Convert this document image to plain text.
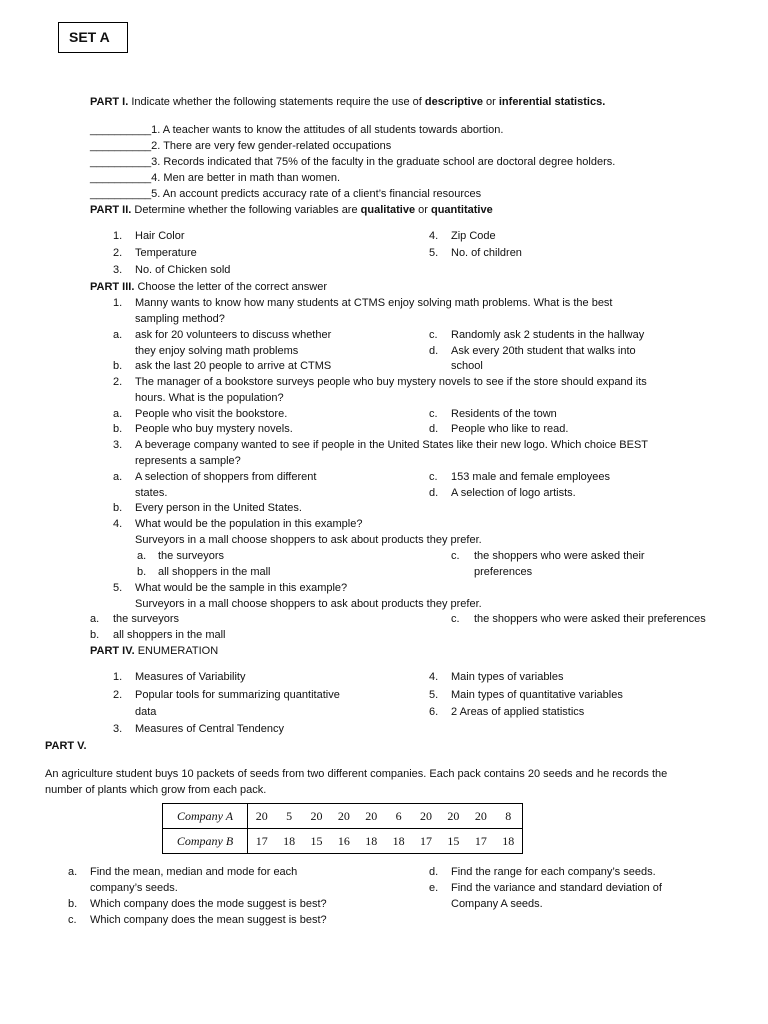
SET A
PART I. Indicate whether the following statements require the use of descriptive or inferential statistics.
__________1. A teacher wants to know the attitudes of all students towards abortion.
__________2. There are very few gender-related occupations
__________3. Records indicated that 75% of the faculty in the graduate school are doctoral degree holders.
__________4. Men are better in math than women.
__________5. An account predicts accuracy rate of a client’s financial resources
PART II. Determine whether the following variables are qualitative or quantitative
1. Hair Color
2. Temperature
3. No. of Chicken sold
4. Zip Code
5. No. of children
PART III. Choose the letter of the correct answer
1. Manny wants to know how many students at CTMS enjoy solving math problems. What is the best
sampling method?
a. ask for 20 volunteers to discuss whether
they enjoy solving math problems
b. ask the last 20 people to arrive at CTMS
c. Randomly ask 2 students in the hallway
d. Ask every 20th student that walks into
school
2. The manager of a bookstore surveys people who buy mystery novels to see if the store should expand its
hours. What is the population?
a. People who visit the bookstore.
b. People who buy mystery novels.
c. Residents of the town
d. People who like to read.
3. A beverage company wanted to see if people in the United States like their new logo. Which choice BEST
represents a sample?
a. A selection of shoppers from different
states.
b. Every person in the United States.
c. 153 male and female employees
d. A selection of logo artists.
4. What would be the population in this example?
Surveyors in a mall choose shoppers to ask about products they prefer.
a. the surveyors
b. all shoppers in the mall
c. the shoppers who were asked their
preferences
5. What would be the sample in this example?
Surveyors in a mall choose shoppers to ask about products they prefer.
a. the surveyors
b. all shoppers in the mall
c. the shoppers who were asked their preferences
PART IV. ENUMERATION
1. Measures of Variability
2. Popular tools for summarizing quantitative
data
3. Measures of Central Tendency
4. Main types of variables
5. Main types of quantitative variables
6. 2 Areas of applied statistics
PART V.
An agriculture student buys 10 packets of seeds from two different companies. Each pack contains 20 seeds and he records the
number of plants which grow from each pack.
Company A	20	5	20	20	20	6	20	20	20	8
Company B	17	18	15	16	18	18	17	15	17	18
a. Find the mean, median and mode for each
company’s seeds.
b. Which company does the mode suggest is best?
c. Which company does the mean suggest is best?
d. Find the range for each company’s seeds.
e. Find the variance and standard deviation of
Company A seeds.
